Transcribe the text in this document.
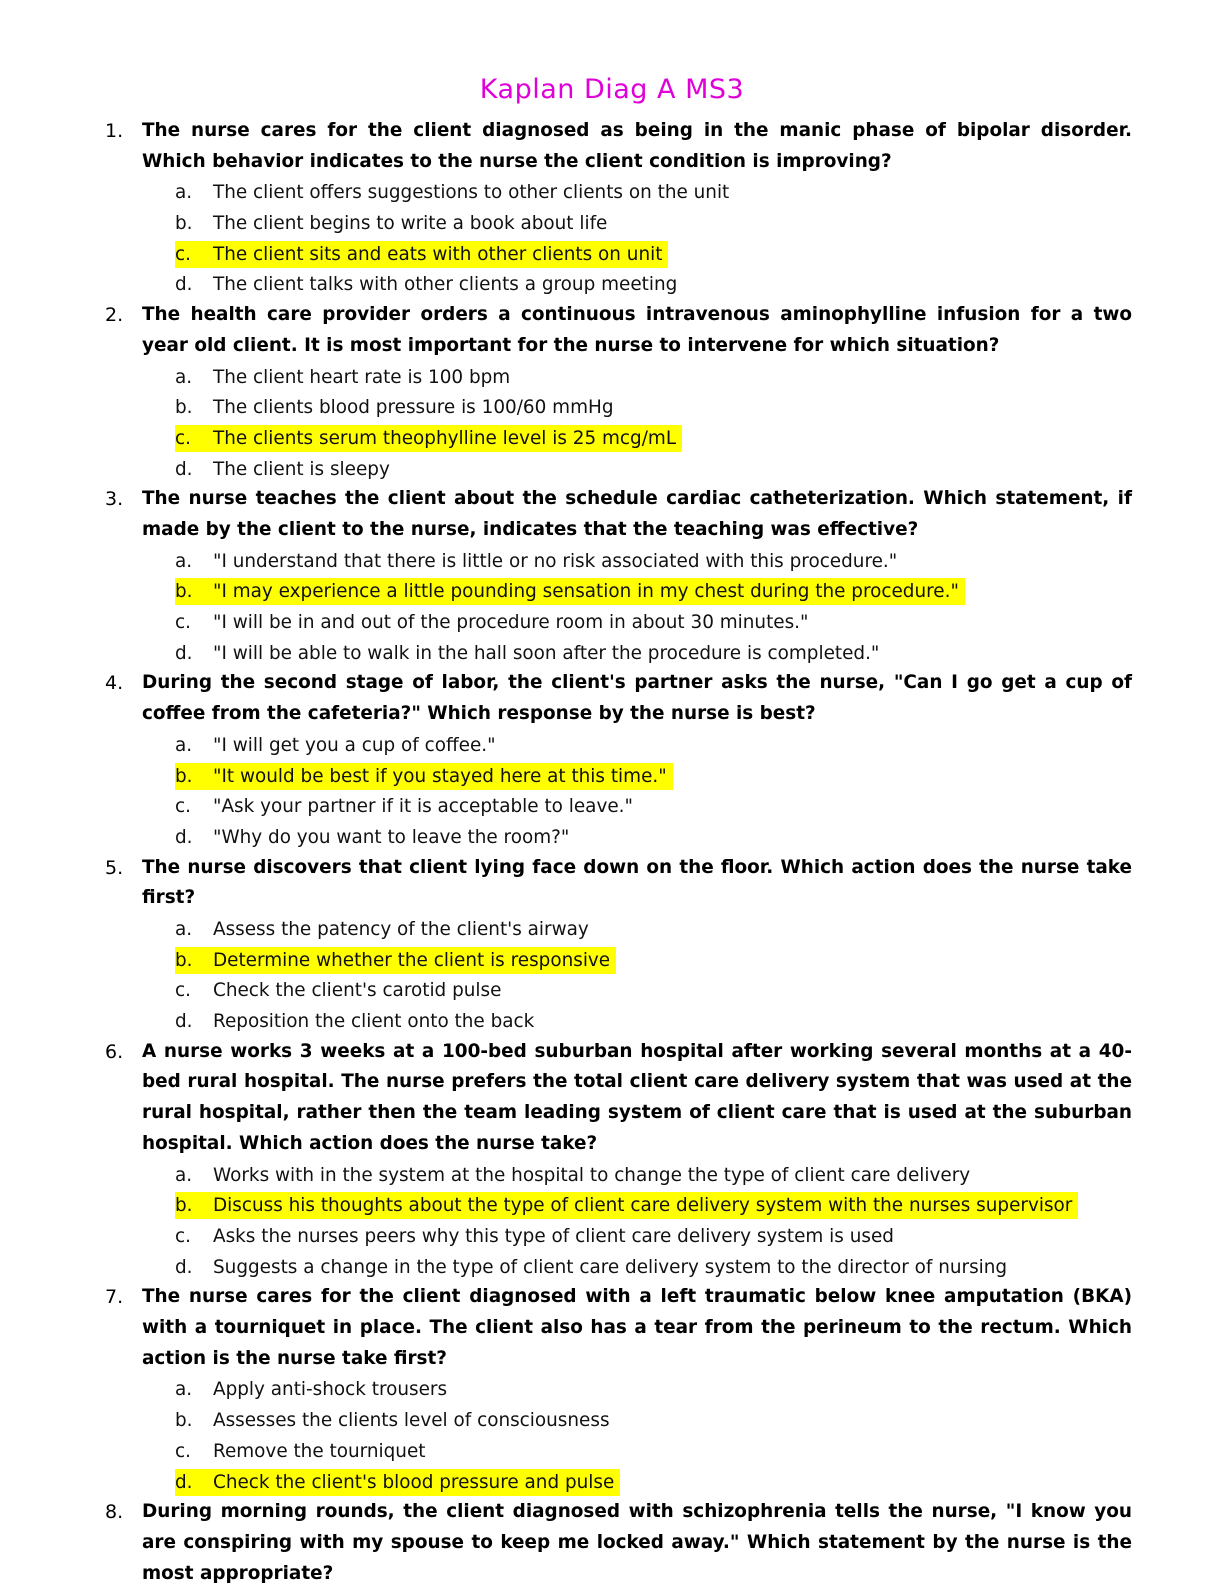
Kaplan Diag A MS3
1. The nurse cares for the client diagnosed as being in the manic phase of bipolar disorder. Which behavior indicates to the nurse the client condition is improving?
a. The client offers suggestions to other clients on the unit
b. The client begins to write a book about life
c. The client sits and eats with other clients on unit
d. The client talks with other clients a group meeting
2. The health care provider orders a continuous intravenous aminophylline infusion for a two year old client. It is most important for the nurse to intervene for which situation?
a. The client heart rate is 100 bpm
b. The clients blood pressure is 100/60 mmHg
c. The clients serum theophylline level is 25 mcg/mL
d. The client is sleepy
3. The nurse teaches the client about the schedule cardiac catheterization. Which statement, if made by the client to the nurse, indicates that the teaching was effective?
a. "I understand that there is little or no risk associated with this procedure."
b. "I may experience a little pounding sensation in my chest during the procedure."
c. "I will be in and out of the procedure room in about 30 minutes."
d. "I will be able to walk in the hall soon after the procedure is completed."
4. During the second stage of labor, the client's partner asks the nurse, "Can I go get a cup of coffee from the cafeteria?" Which response by the nurse is best?
a. "I will get you a cup of coffee."
b. "It would be best if you stayed here at this time."
c. "Ask your partner if it is acceptable to leave."
d. "Why do you want to leave the room?"
5. The nurse discovers that client lying face down on the floor. Which action does the nurse take first?
a. Assess the patency of the client's airway
b. Determine whether the client is responsive
c. Check the client's carotid pulse
d. Reposition the client onto the back
6. A nurse works 3 weeks at a 100-bed suburban hospital after working several months at a 40-bed rural hospital. The nurse prefers the total client care delivery system that was used at the rural hospital, rather then the team leading system of client care that is used at the suburban hospital. Which action does the nurse take?
a. Works with in the system at the hospital to change the type of client care delivery
b. Discuss his thoughts about the type of client care delivery system with the nurses supervisor
c. Asks the nurses peers why this type of client care delivery system is used
d. Suggests a change in the type of client care delivery system to the director of nursing
7. The nurse cares for the client diagnosed with a left traumatic below knee amputation (BKA) with a tourniquet in place. The client also has a tear from the perineum to the rectum. Which action is the nurse take first?
a. Apply anti-shock trousers
b. Assesses the clients level of consciousness
c. Remove the tourniquet
d. Check the client's blood pressure and pulse
8. During morning rounds, the client diagnosed with schizophrenia tells the nurse, "I know you are conspiring with my spouse to keep me locked away." Which statement by the nurse is the most appropriate?
